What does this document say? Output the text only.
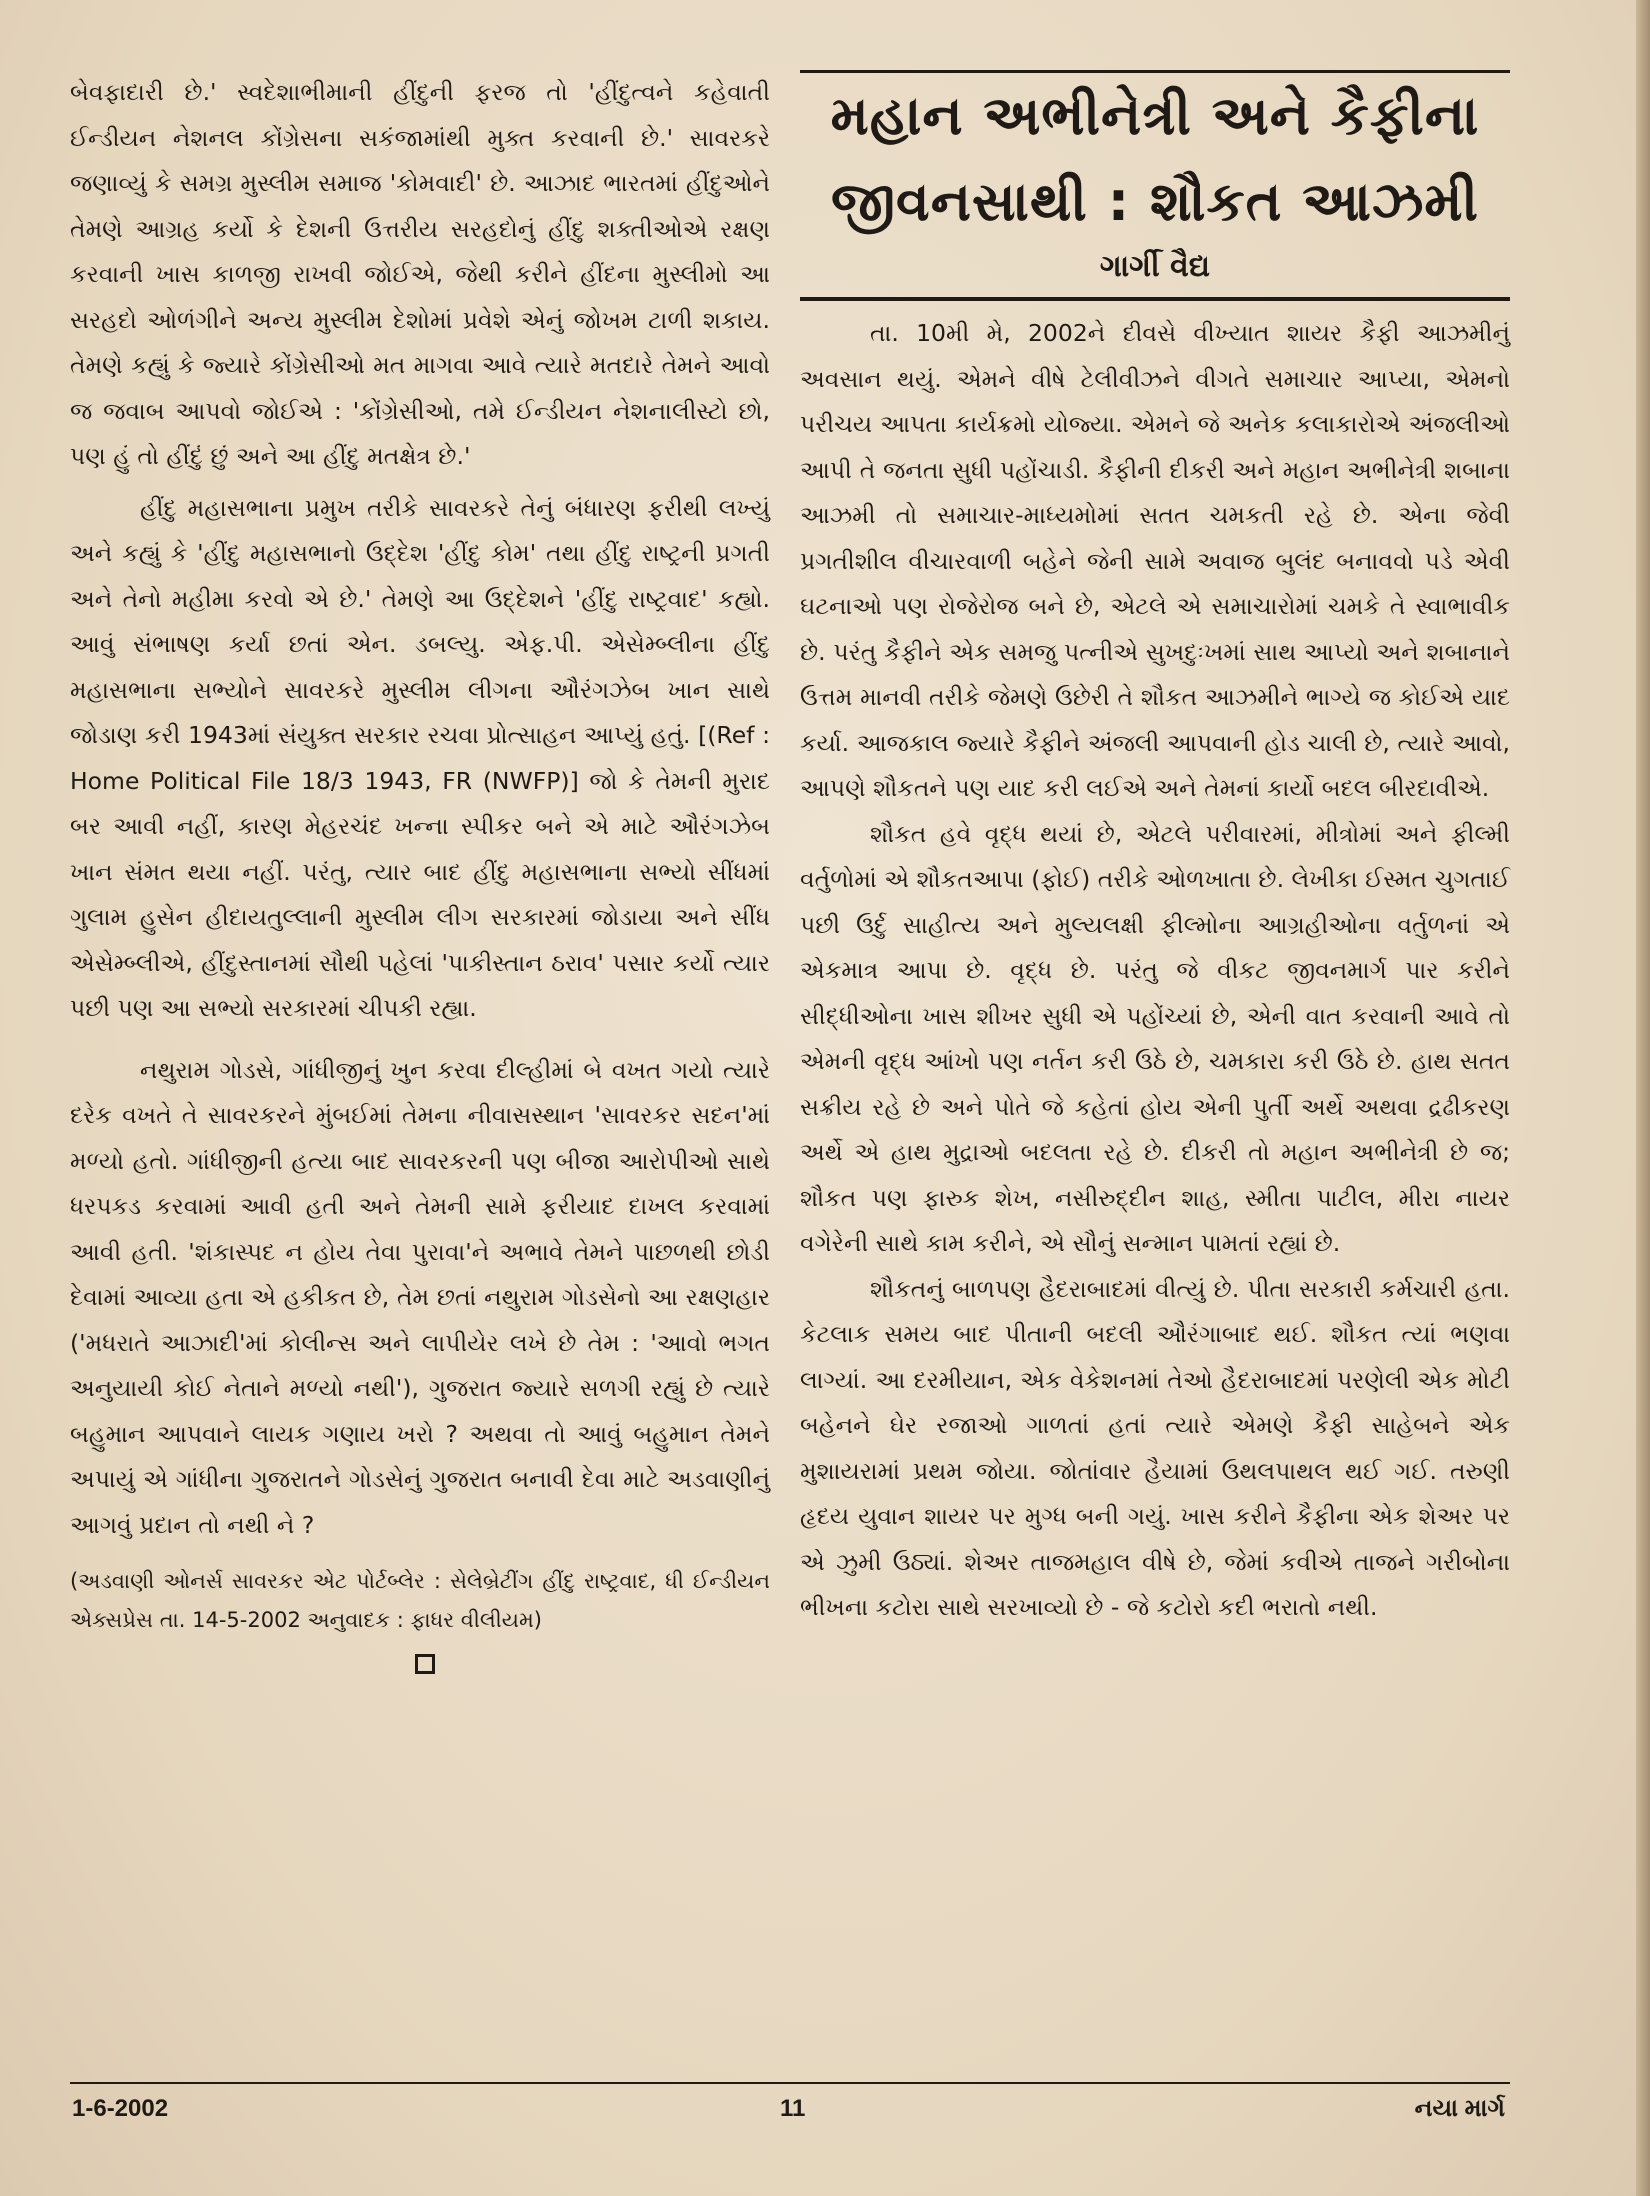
બેવફાદારી છે.' સ્વદેશાભીમાની હીંદુની ફરજ તો 'હીંદુત્વને કહેવાતી ઈન્ડીયન નેશનલ કોંગ્રેસના સકંજામાંથી મુક્ત કરવાની છે.' સાવરકરે જણાવ્યું કે સમગ્ર મુસ્લીમ સમાજ 'કોમવાદી' છે. આઝાદ ભારતમાં હીંદુઓને તેમણે આગ્રહ કર્યો કે દેશની ઉત્તરીય સરહદોનું હીંદુ શક્તીઓએ રક્ષણ કરવાની ખાસ કાળજી રાખવી જોઈએ, જેથી કરીને હીંદના મુસ્લીમો આ સરહદો ઓળંગીને અન્ય મુસ્લીમ દેશોમાં પ્રવેશે એનું જોખમ ટાળી શકાય. તેમણે કહ્યું કે જ્યારે કોંગ્રેસીઓ મત માગવા આવે ત્યારે મતદારે તેમને આવો જ જવાબ આપવો જોઈએ : 'કોંગ્રેસીઓ, તમે ઈન્ડીયન નેશનાલીસ્ટો છો, પણ હું તો હીંદું છું અને આ હીંદુ મતક્ષેત્ર છે.'

હીંદુ મહાસભાના પ્રમુખ તરીકે સાવરકરે તેનું બંધારણ ફરીથી લખ્યું અને કહ્યું કે 'હીંદુ મહાસભાનો ઉદ્દેશ 'હીંદુ કોમ' તથા હીંદુ રાષ્ટ્રની પ્રગતી અને તેનો મહીમા કરવો એ છે.' તેમણે આ ઉદ્દેશને 'હીંદુ રાષ્ટ્રવાદ' કહ્યો. આવું સંભાષણ કર્યા છતાં એન. ડબલ્યુ. એફ.પી. એસેમ્બ્લીના હીંદુ મહાસભાના સભ્યોને સાવરકરે મુસ્લીમ લીગના ઔરંગઝેબ ખાન સાથે જોડાણ કરી 1943માં સંયુક્ત સરકાર રચવા પ્રોત્સાહન આપ્યું હતું. [(Ref : Home Political File 18/3 1943, FR (NWFP)] જો કે તેમની મુરાદ બર આવી નહીં, કારણ મેહરચંદ ખન્ના સ્પીકર બને એ માટે ઔરંગઝેબ ખાન સંમત થયા નહીં. પરંતુ, ત્યાર બાદ હીંદુ મહાસભાના સભ્યો સીંધમાં ગુલામ હુસેન હીદાયતુલ્લાની મુસ્લીમ લીગ સરકારમાં જોડાયા અને સીંધ એસેમ્બ્લીએ, હીંદુસ્તાનમાં સૌથી પહેલાં 'પાકીસ્તાન ઠરાવ' પસાર કર્યો ત્યાર પછી પણ આ સભ્યો સરકારમાં ચીપકી રહ્યા.

નથુરામ ગોડસે, ગાંધીજીનું ખુન કરવા દીલ્હીમાં બે વખત ગયો ત્યારે દરેક વખતે તે સાવરકરને મુંબઈમાં તેમના નીવાસસ્થાન 'સાવરકર સદન'માં મળ્યો હતો. ગાંધીજીની હત્યા બાદ સાવરકરની પણ બીજા આરોપીઓ સાથે ધરપકડ કરવામાં આવી હતી અને તેમની સામે ફરીયાદ દાખલ કરવામાં આવી હતી. 'શંકાસ્પદ ન હોય તેવા પુરાવા'ને અભાવે તેમને પાછળથી છોડી દેવામાં આવ્યા હતા એ હકીકત છે, તેમ છતાં નથુરામ ગોડસેનો આ રક્ષણહાર ('મધરાતે આઝાદી'માં કોલીન્સ અને લાપીયેર લખે છે તેમ : 'આવો ભગત અનુયાયી કોઈ નેતાને મળ્યો નથી'), ગુજરાત જ્યારે સળગી રહ્યું છે ત્યારે બહુમાન આપવાને લાયક ગણાય ખરો ? અથવા તો આવું બહુમાન તેમને અપાયું એ ગાંધીના ગુજરાતને ગોડસેનું ગુજરાત બનાવી દેવા માટે અડવાણીનું આગવું પ્રદાન તો નથી ને ?

(અડવાણી ઓનર્સ સાવરકર એટ પોર્ટબ્લેર : સેલેબ્રેટીંગ હીંદુ રાષ્ટ્રવાદ, ધી ઈન્ડીયન એક્સપ્રેસ તા. 14-5-2002 અનુવાદક : ફાધર વીલીયમ)

મહાન અભીનેત્રી અને કૈફીના
જીવનસાથી : શૌકત આઝમી

ગાર્ગી વૈદ્ય

તા. 10મી મે, 2002ને દીવસે વીખ્યાત શાયર કૈફી આઝમીનું અવસાન થયું. એમને વીષે ટેલીવીઝને વીગતે સમાચાર આપ્યા, એમનો પરીચય આપતા કાર્યક્રમો યોજ્યા. એમને જે અનેક કલાકારોએ અંજલીઓ આપી તે જનતા સુધી પહોંચાડી. કૈફીની દીકરી અને મહાન અભીનેત્રી શબાના આઝમી તો સમાચાર-માધ્યમોમાં સતત ચમકતી રહે છે. એના જેવી પ્રગતીશીલ વીચારવાળી બહેને જેની સામે અવાજ બુલંદ બનાવવો પડે એવી ઘટનાઓ પણ રોજેરોજ બને છે, એટલે એ સમાચારોમાં ચમકે તે સ્વાભાવીક છે. પરંતુ કૈફીને એક સમજુ પત્નીએ સુખદુઃખમાં સાથ આપ્યો અને શબાનાને ઉત્તમ માનવી તરીકે જેમણે ઉછેરી તે શૌકત આઝમીને ભાગ્યે જ કોઈએ યાદ કર્યા. આજકાલ જ્યારે કૈફીને અંજલી આપવાની હોડ ચાલી છે, ત્યારે આવો, આપણે શૌકતને પણ યાદ કરી લઈએ અને તેમનાં કાર્યો બદલ બીરદાવીએ.

શૌકત હવે વૃદ્ધ થયાં છે, એટલે પરીવારમાં, મીત્રોમાં અને ફીલ્મી વર્તુળોમાં એ શૌકતઆપા (ફોઈ) તરીકે ઓળખાતા છે. લેખીકા ઈસ્મત ચુગતાઈ પછી ઉર્દુ સાહીત્ય અને મુલ્યલક્ષી ફીલ્મોના આગ્રહીઓના વર્તુળનાં એ એકમાત્ર આપા છે. વૃદ્ધ છે. પરંતુ જે વીકટ જીવનમાર્ગ પાર કરીને સીદ્ધીઓના ખાસ શીખર સુધી એ પહોંચ્યાં છે, એની વાત કરવાની આવે તો એમની વૃદ્ધ આંખો પણ નર્તન કરી ઉઠે છે, ચમકારા કરી ઉઠે છે. હાથ સતત સક્રીય રહે છે અને પોતે જે કહેતાં હોય એની પુર્તી અર્થે અથવા દ્રઢીકરણ અર્થે એ હાથ મુદ્રાઓ બદલતા રહે છે. દીકરી તો મહાન અભીનેત્રી છે જ; શૌકત પણ ફારુક શેખ, નસીરુદ્દીન શાહ, સ્મીતા પાટીલ, મીરા નાયર વગેરેની સાથે કામ કરીને, એ સૌનું સન્માન પામતાં રહ્યાં છે.

શૌકતનું બાળપણ હૈદરાબાદમાં વીત્યું છે. પીતા સરકારી કર્મચારી હતા. કેટલાક સમય બાદ પીતાની બદલી ઔરંગાબાદ થઈ. શૌકત ત્યાં ભણવા લાગ્યાં. આ દરમીયાન, એક વેકેશનમાં તેઓ હૈદરાબાદમાં પરણેલી એક મોટી બહેનને ઘેર રજાઓ ગાળતાં હતાં ત્યારે એમણે કૈફી સાહેબને એક મુશાયરામાં પ્રથમ જોયા. જોતાંવાર હૈયામાં ઉથલપાથલ થઈ ગઈ. તરુણી હૃદય યુવાન શાયર પર મુગ્ધ બની ગયું. ખાસ કરીને કૈફીના એક શેઅર પર એ ઝુમી ઉઠ્યાં. શેઅર તાજમહાલ વીષે છે, જેમાં કવીએ તાજને ગરીબોના ભીખના કટોરા સાથે સરખાવ્યો છે - જે કટોરો કદી ભરાતો નથી.

1-6-2002	11	નયા માર્ગ
